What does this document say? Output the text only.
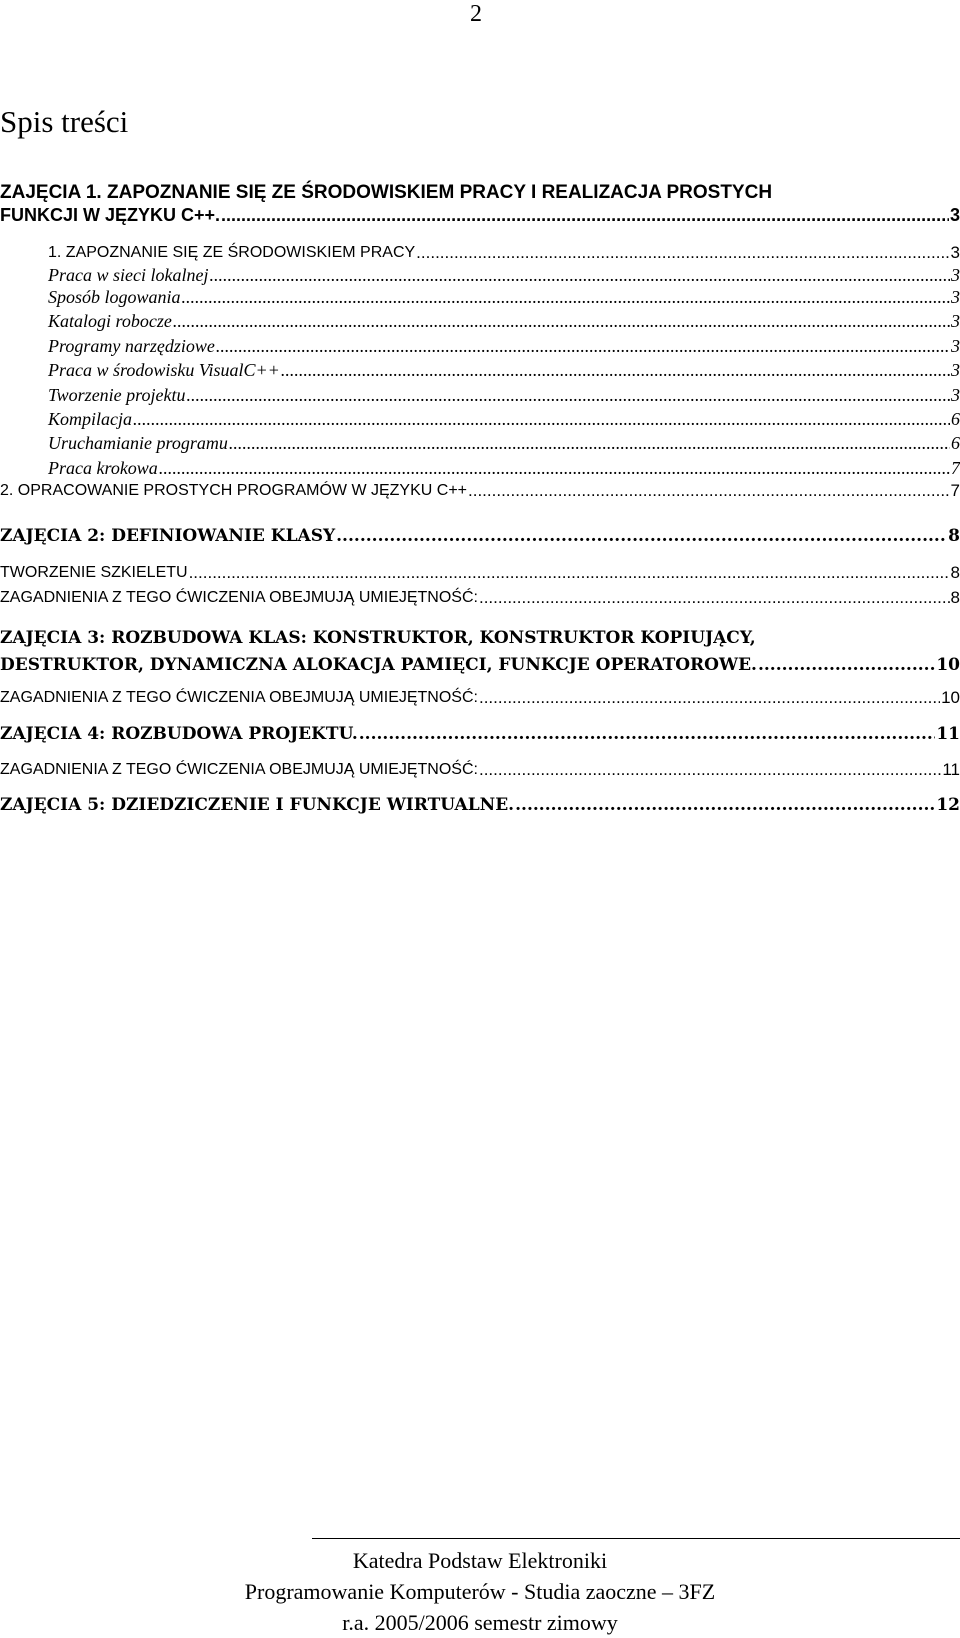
2
Spis treści
ZAJĘCIA 1. ZAPOZNANIE SIĘ ZE ŚRODOWISKIEM PRACY I REALIZACJA PROSTYCH
FUNKCJI W JĘZYKU C++. .....	3
1. ZAPOZNANIE SIĘ ZE ŚRODOWISKIEM PRACY .....	3
Praca w sieci lokalnej .....	3
Sposób logowania .....	3
Katalogi robocze .....	3
Programy narzędziowe .....	3
Praca w środowisku VisualC++ .....	3
Tworzenie projektu .....	3
Kompilacja .....	6
Uruchamianie programu .....	6
Praca krokowa .....	7
2. OPRACOWANIE PROSTYCH PROGRAMÓW W JĘZYKU C++ .....	7
ZAJĘCIA 2: DEFINIOWANIE KLASY .....	8
TWORZENIE SZKIELETU .....	8
ZAGADNIENIA Z TEGO ĆWICZENIA OBEJMUJĄ UMIEJĘTNOŚĆ: .....	8
ZAJĘCIA 3: ROZBUDOWA KLAS: KONSTRUKTOR, KONSTRUKTOR KOPIUJĄCY,
DESTRUKTOR, DYNAMICZNA ALOKACJA PAMIĘCI, FUNKCJE OPERATOROWE. .....	10
ZAGADNIENIA Z TEGO ĆWICZENIA OBEJMUJĄ UMIEJĘTNOŚĆ: .....	10
ZAJĘCIA 4: ROZBUDOWA PROJEKTU. .....	11
ZAGADNIENIA Z TEGO ĆWICZENIA OBEJMUJĄ UMIEJĘTNOŚĆ: .....	11
ZAJĘCIA 5: DZIEDZICZENIE I FUNKCJE WIRTUALNE. .....	12
Katedra Podstaw Elektroniki
Programowanie Komputerów - Studia zaoczne – 3FZ
r.a. 2005/2006 semestr zimowy
